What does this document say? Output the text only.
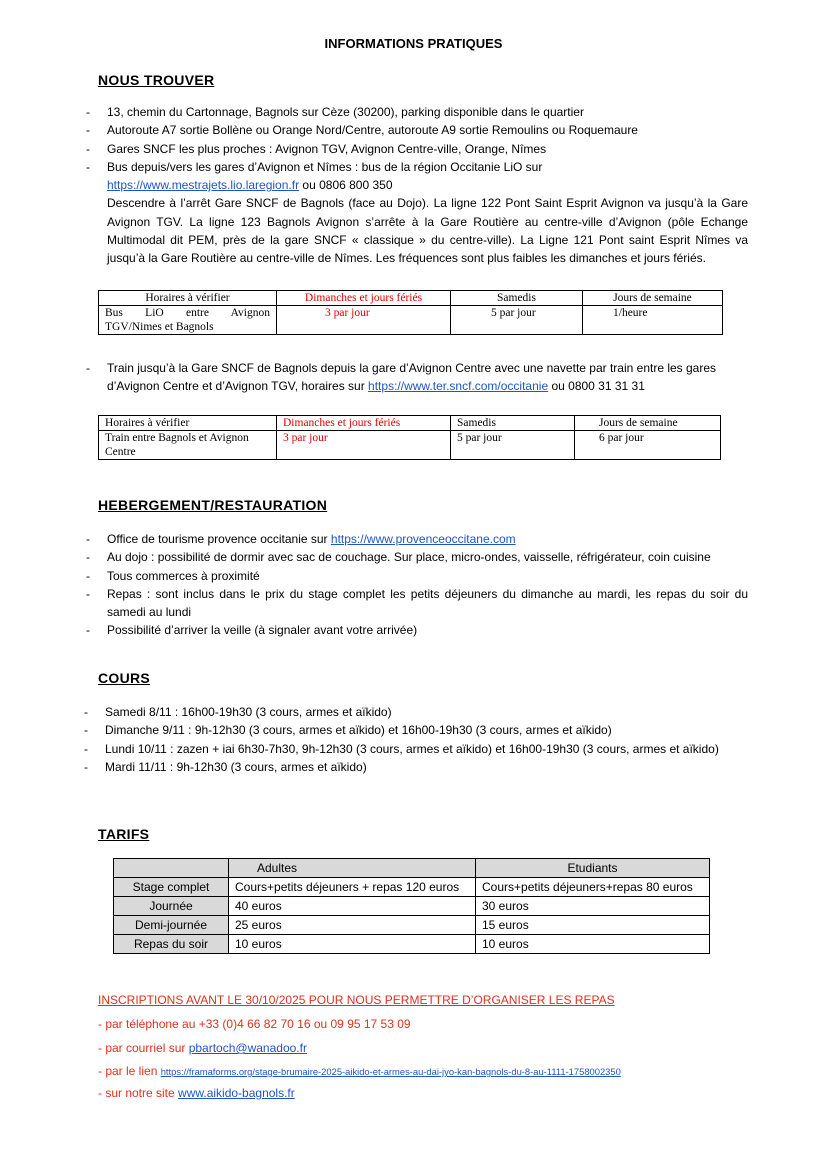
INFORMATIONS PRATIQUES
NOUS TROUVER
- 13, chemin du Cartonnage, Bagnols sur Cèze (30200), parking disponible dans le quartier
- Autoroute A7 sortie Bollène ou Orange Nord/Centre, autoroute A9 sortie Remoulins ou Roquemaure
- Gares SNCF les plus proches : Avignon TGV, Avignon Centre-ville, Orange, Nîmes
- Bus depuis/vers les gares d’Avignon et Nîmes : bus de la région Occitanie LiO sur
https://www.mestrajets.lio.laregion.fr ou 0806 800 350
Descendre à l’arrêt Gare SNCF de Bagnols (face au Dojo). La ligne 122 Pont Saint Esprit Avignon va jusqu’à la Gare Avignon TGV. La ligne 123 Bagnols Avignon s’arrête à la Gare Routière au centre-ville d’Avignon (pôle Echange Multimodal dit PEM, près de la gare SNCF « classique » du centre-ville). La Ligne 121 Pont saint Esprit Nîmes va jusqu’à la Gare Routière au centre-ville de Nîmes. Les fréquences sont plus faibles les dimanches et jours fériés.
Horaires à vérifier	Dimanches et jours fériés	Samedis	Jours de semaine
Bus LiO entre Avignon TGV/Nimes et Bagnols	3 par jour	5 par jour	1/heure
- Train jusqu’à la Gare SNCF de Bagnols depuis la gare d’Avignon Centre avec une navette par train entre les gares d’Avignon Centre et d’Avignon TGV, horaires sur https://www.ter.sncf.com/occitanie ou 0800 31 31 31
Horaires à vérifier	Dimanches et jours fériés	Samedis	Jours de semaine
Train entre Bagnols et Avignon Centre	3 par jour	5 par jour	6 par jour
HEBERGEMENT/RESTAURATION
- Office de tourisme provence occitanie sur https://www.provenceoccitane.com
- Au dojo : possibilité de dormir avec sac de couchage. Sur place, micro-ondes, vaisselle, réfrigérateur, coin cuisine
- Tous commerces à proximité
- Repas : sont inclus dans le prix du stage complet les petits déjeuners du dimanche au mardi, les repas du soir du samedi au lundi
- Possibilité d’arriver la veille (à signaler avant votre arrivée)
COURS
- Samedi 8/11 : 16h00-19h30 (3 cours, armes et aïkido)
- Dimanche 9/11 : 9h-12h30 (3 cours, armes et aïkido) et 16h00-19h30 (3 cours, armes et aïkido)
- Lundi 10/11 : zazen + iai 6h30-7h30, 9h-12h30 (3 cours, armes et aïkido) et 16h00-19h30 (3 cours, armes et aïkido)
- Mardi 11/11 : 9h-12h30 (3 cours, armes et aïkido)
TARIFS
	Adultes	Etudiants
Stage complet	Cours+petits déjeuners + repas 120 euros	Cours+petits déjeuners+repas 80 euros
Journée	40 euros	30 euros
Demi-journée	25 euros	15 euros
Repas du soir	10 euros	10 euros
INSCRIPTIONS AVANT LE 30/10/2025 POUR NOUS PERMETTRE D’ORGANISER LES REPAS
- par téléphone au +33 (0)4 66 82 70 16 ou 09 95 17 53 09
- par courriel sur pbartoch@wanadoo.fr
- par le lien https://framaforms.org/stage-brumaire-2025-aikido-et-armes-au-dai-jyo-kan-bagnols-du-8-au-1111-1758002350
- sur notre site www.aikido-bagnols.fr
